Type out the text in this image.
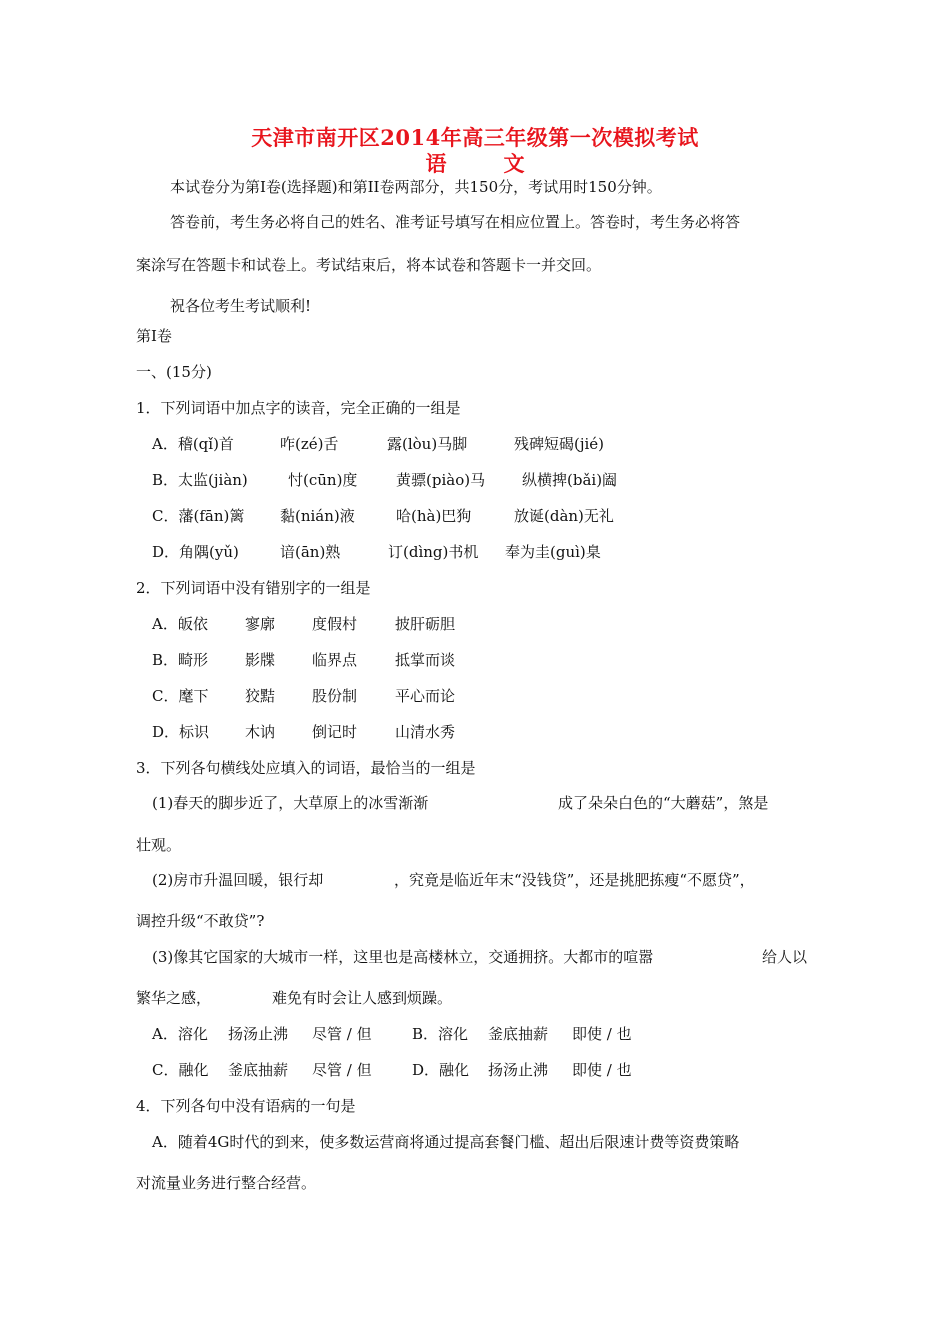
天津市南开区2014年高三年级第一次模拟考试
语　文
本试卷分为第I卷(选择题)和第II卷两部分，共150分，考试用时150分钟。
答卷前，考生务必将自己的姓名、准考证号填写在相应位置上。答卷时，考生务必将答
案涂写在答题卡和试卷上。考试结束后，将本试卷和答题卡一并交回。
祝各位考生考试顺利!
第I卷
一、(15分)
1．下列词语中加点字的读音，完全正确的一组是
A．稽(qǐ)首	咋(zé)舌	露(lòu)马脚	残碑短碣(jié)
B．太监(jiàn)	忖(cūn)度	黄骠(piào)马 纵横捭(bǎi)阖
C．藩(fān)篱 黏(nián)液	哈(hà)巴狗	放诞(dàn)无礼
D．角隅(yǔ)	谙(ān)熟	订(dìng)书机 奉为圭(guì)臬
2．下列词语中没有错别字的一组是
A．皈依 寥廓 度假村	披肝砺胆
B．畸形 影牒 临界点	抵掌而谈
C．麾下 狡黠 股份制	平心而论
D．标识 木讷 倒记时	山清水秀
3．下列各句横线处应填入的词语，最恰当的一组是
(1)春天的脚步近了，大草原上的冰雪渐渐	成了朵朵白色的“大蘑菇”，煞是
壮观。
(2)房市升温回暖，银行却	，究竟是临近年末“没钱贷”，还是挑肥拣瘦“不愿贷”，
调控升级“不敢贷”?
(3)像其它国家的大城市一样，这里也是高楼林立，交通拥挤。大都市的喧嚣	给人以
繁华之感，	难免有时会让人感到烦躁。
A．溶化 扬汤止沸 尽管 / 但	B．溶化 釜底抽薪 即使 / 也
C．融化 釜底抽薪 尽管 / 但	D．融化 扬汤止沸 即使 / 也
4．下列各句中没有语病的一句是
A．随着4G时代的到来，使多数运营商将通过提高套餐门槛、超出后限速计费等资费策略
对流量业务进行整合经营。
